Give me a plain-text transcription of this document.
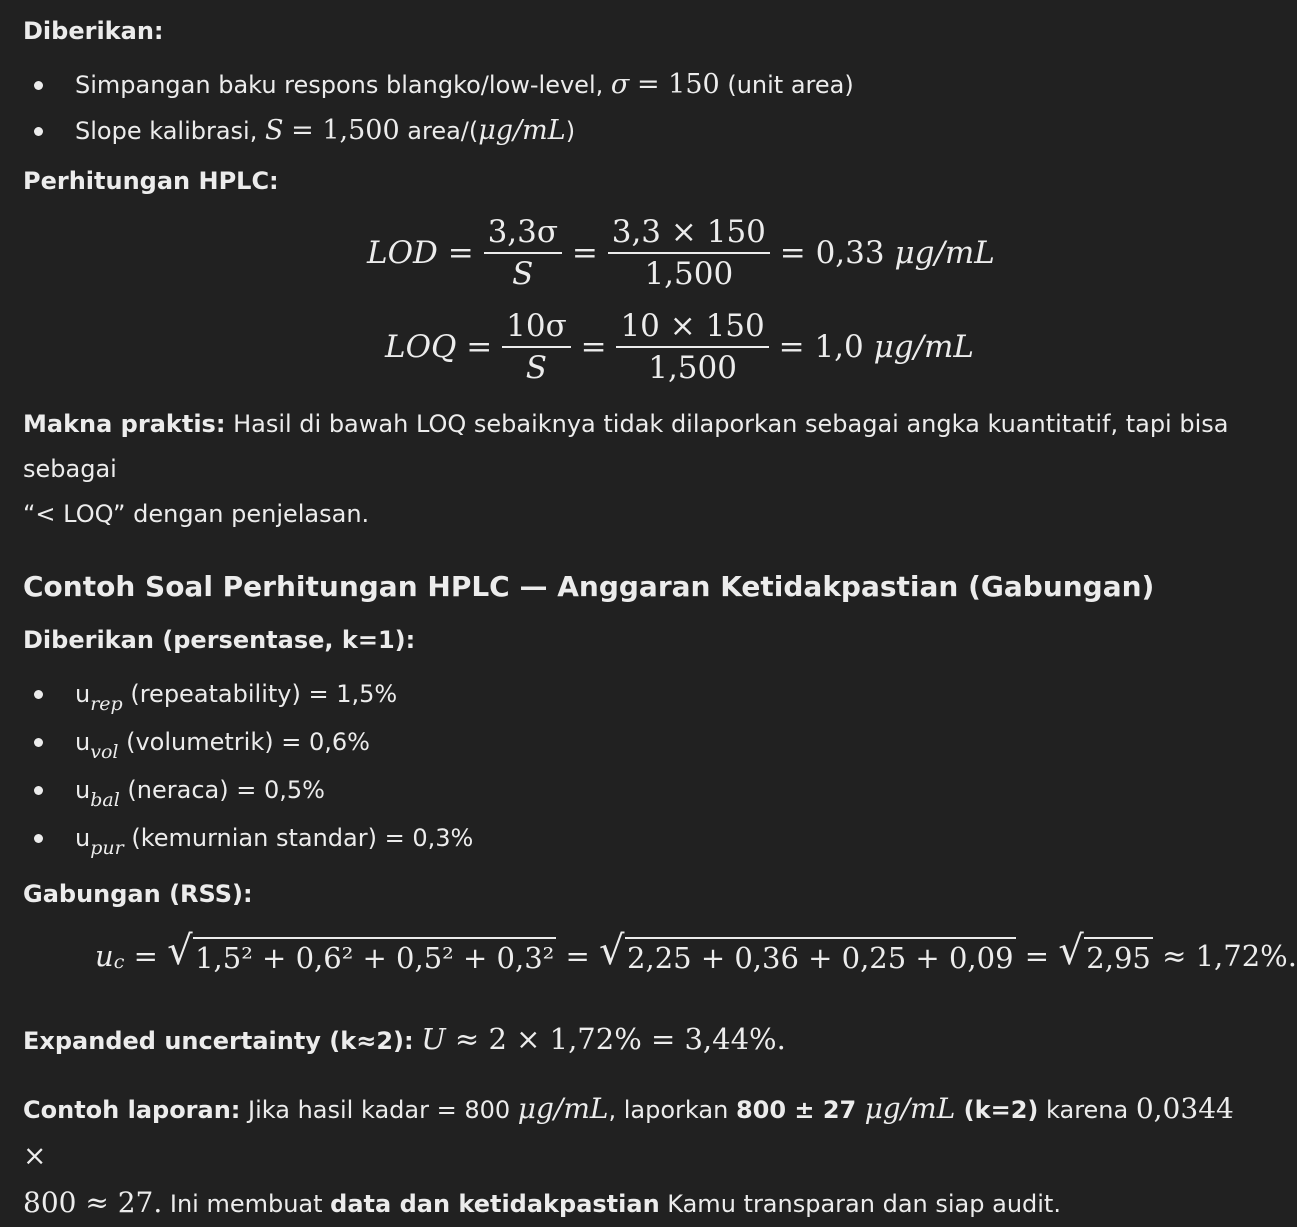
Diberikan:
Simpangan baku respons blangko/low-level, σ = 150 (unit area)
Slope kalibrasi, S = 1,500 area/(μg/mL)
Perhitungan HPLC:
LOD = $\frac{3,3\sigma}{S} = \frac{3,3 \times 150}{1,500} = 0,33$ μg/mL
LOQ = $\frac{10\sigma}{S} = \frac{10 \times 150}{1,500} = 1,0$ μg/mL

Makna praktis: Hasil di bawah LOQ sebaiknya tidak dilaporkan sebagai angka kuantitatif, tapi bisa sebagai
“< LOQ” dengan penjelasan.

Contoh Soal Perhitungan HPLC — Anggaran Ketidakpastian (Gabungan)
Diberikan (persentase, k=1):
$u_{rep}$ (repeatability) = 1,5%
$u_{vol}$ (volumetrik) = 0,6%
$u_{bal}$ (neraca) = 0,5%
$u_{pur}$ (kemurnian standar) = 0,3%
Gabungan (RSS):
$u_c$ = √ 1,5² + 0,6² + 0,5² + 0,3² = √ 2,25 + 0,36 + 0,25 + 0,09 = √ 2,95 ≈ 1,72%.

Expanded uncertainty (k≈2): U ≈ 2 × 1,72% = 3,44%.

Contoh laporan: Jika hasil kadar = 800 μg/mL, laporkan 800 ± 27 μg/mL (k=2) karena 0,0344 ×
800 ≈ 27. Ini membuat data dan ketidakpastian Kamu transparan dan siap audit.
